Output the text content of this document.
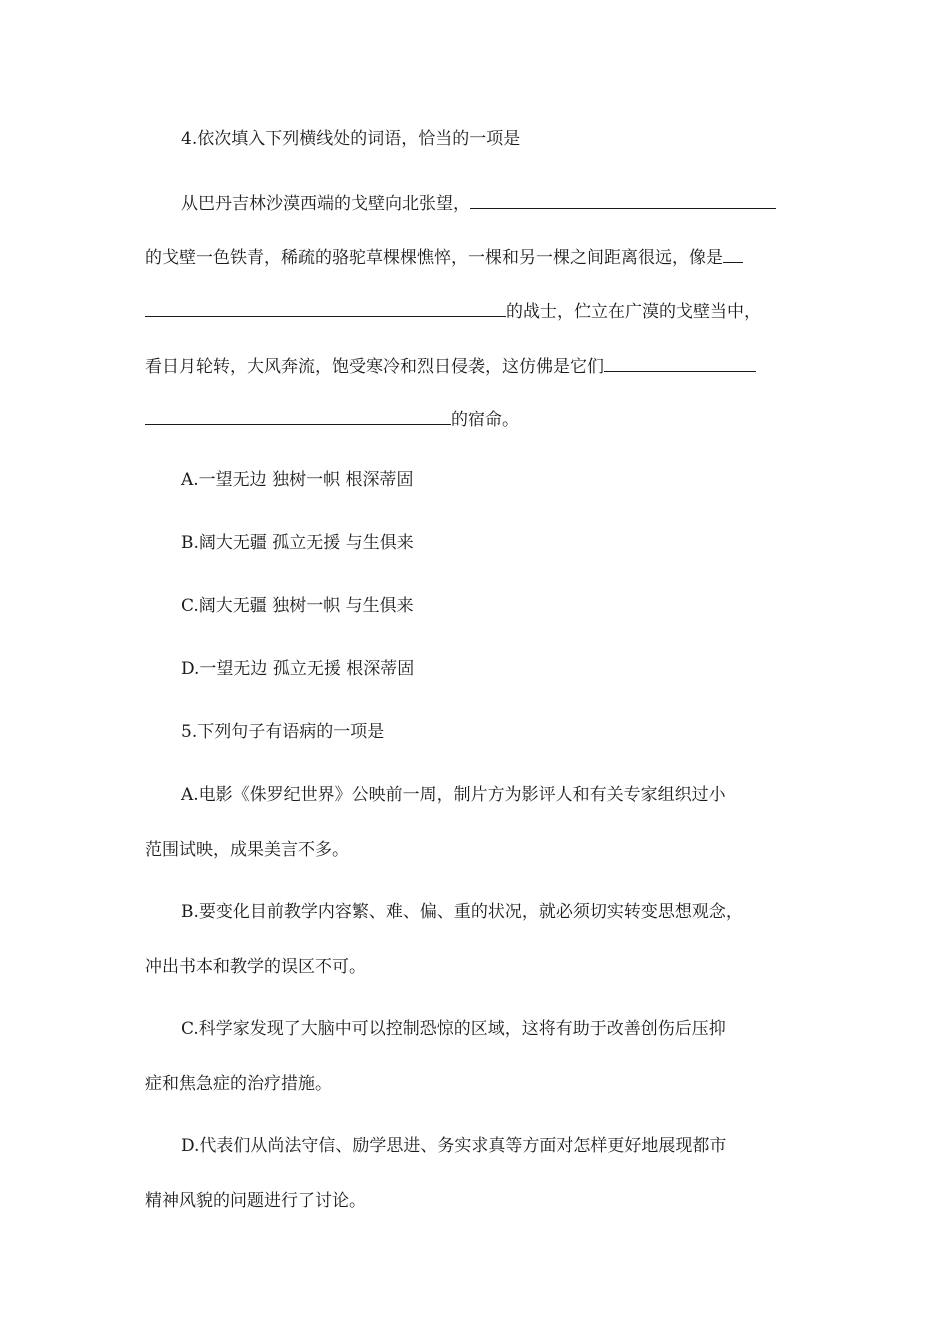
4.依次填入下列横线处的词语，恰当的一项是
从巴丹吉林沙漠西端的戈壁向北张望，
的戈壁一色铁青，稀疏的骆驼草棵棵憔悴，一棵和另一棵之间距离很远，像是
的战士，伫立在广漠的戈壁当中，
看日月轮转，大风奔流，饱受寒冷和烈日侵袭，这仿佛是它们
的宿命。
A.一望无边 独树一帜 根深蒂固
B.阔大无疆 孤立无援 与生俱来
C.阔大无疆 独树一帜 与生俱来
D.一望无边 孤立无援 根深蒂固
5.下列句子有语病的一项是
A.电影《侏罗纪世界》公映前一周，制片方为影评人和有关专家组织过小
范围试映，成果美言不多。
B.要变化目前教学内容繁、难、偏、重的状况，就必须切实转变思想观念，
冲出书本和教学的误区不可。
C.科学家发现了大脑中可以控制恐惊的区域，这将有助于改善创伤后压抑
症和焦急症的治疗措施。
D.代表们从尚法守信、励学思进、务实求真等方面对怎样更好地展现都市
精神风貌的问题进行了讨论。
